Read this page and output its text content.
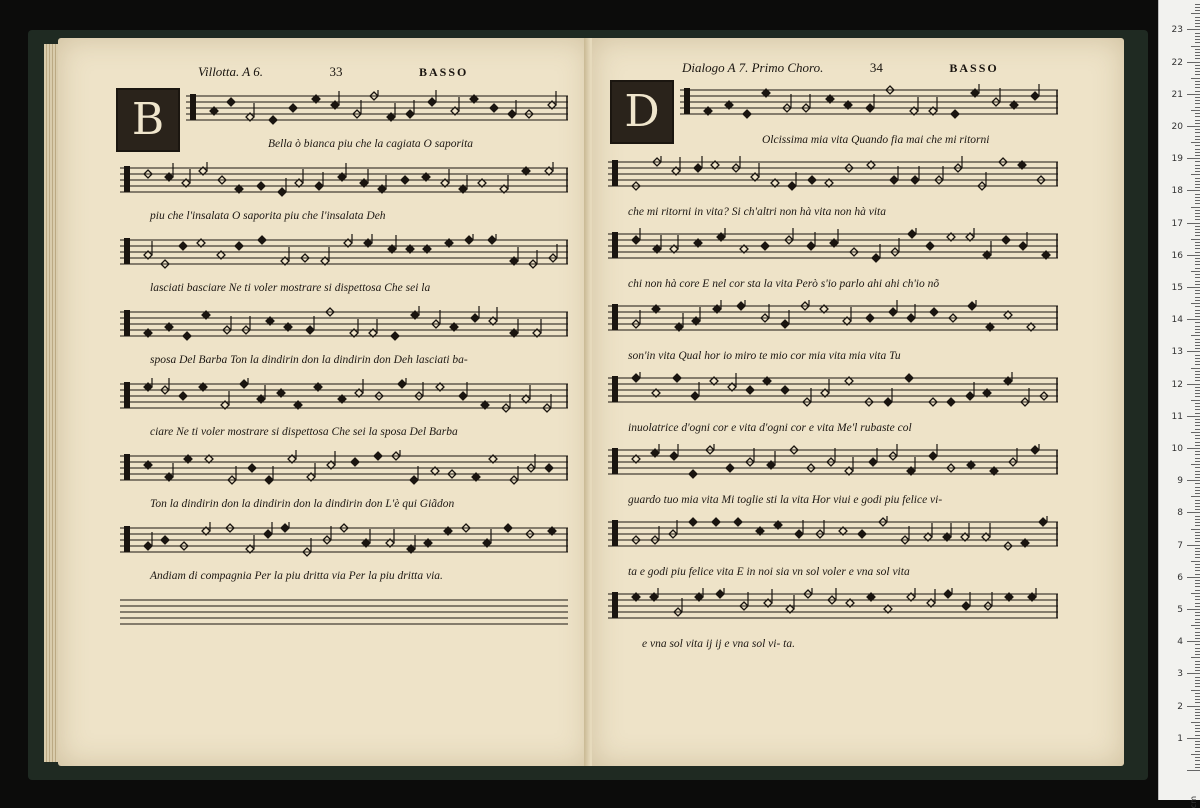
Villotta. A 6.	33	BASSO
B	Bella ò bianca piu che la cagiata O saporita
piu che l'insalata O saporita piu che l'insalata Deh
lasciati basciare Ne ti voler mostrare si dispettosa Che sei la
sposa Del Barba Ton la dindirin don la dindirin don Deh lasciati ba-
ciare Ne ti voler mostrare si dispettosa Che sei la sposa Del Barba
Ton la dindirin don la dindirin don la dindirin don L'è qui Giãdon
Andiam di compagnia Per la piu dritta via Per la piu dritta via.
Dialogo A 7. Primo Choro.	34	BASSO
D
Olcissima mia vita Quando fia mai che mi ritorni
che mi ritorni in vita? Si ch'altri non hà vita non hà vita
chi non hà core E nel cor sta la vita Però s'io parlo ahi ahi ch'io nõ
son'in vita Qual hor io miro te mio cor mia vita mia vita Tu
inuolatrice d'ogni cor e vita d'ogni cor e vita Me'l rubaste col
guardo tuo mia vita Mi toglie sti la vita Hor viui e godi piu felice vi-
ta e godi piu felice vita E in noi sia vn sol voler e vna sol vita
e vna sol vita ij ij e vna sol vi- ta.
cm
1
2
3
4
5
6
7
8
9
10
11
12
13
14
15
16
17
18
19
20
21
22
23
